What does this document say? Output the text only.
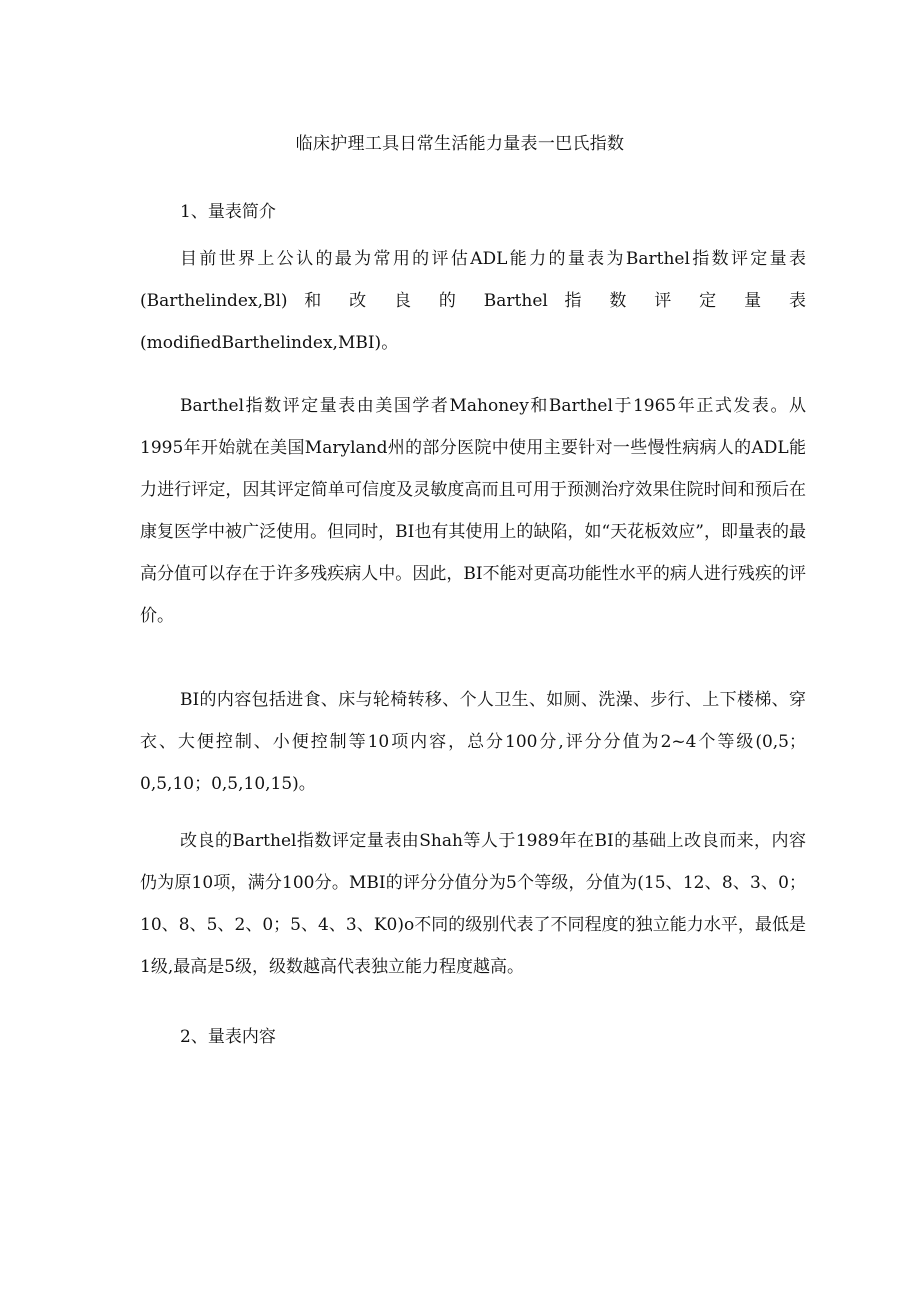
临床护理工具日常生活能力量表一巴氏指数
1、量表简介

目前世界上公认的最为常用的评估ADL能力的量表为Barthel指数评定量表(Barthelindex,Bl) 和 改 良 的 Barthel 指 数 评 定 量 表(modifiedBarthelindex,MBI)。

Barthel指数评定量表由美国学者Mahoney和Barthel于1965年正式发表。从1995年开始就在美国Maryland州的部分医院中使用主要针对一些慢性病病人的ADL能力进行评定，因其评定简单可信度及灵敏度高而且可用于预测治疗效果住院时间和预后在康复医学中被广泛使用。但同时，BI也有其使用上的缺陷，如“天花板效应”，即量表的最高分值可以存在于许多残疾病人中。因此，BI不能对更高功能性水平的病人进行残疾的评价。

BI的内容包括进食、床与轮椅转移、个人卫生、如厕、洗澡、步行、上下楼梯、穿衣、大便控制、小便控制等10项内容，总分100分,评分分值为2~4个等级(0,5；0,5,10；0,5,10,15)。

改良的Barthel指数评定量表由Shah等人于1989年在BI的基础上改良而来，内容仍为原10项，满分100分。MBI的评分分值分为5个等级，分值为(15、12、8、3、0；10、8、5、2、0；5、4、3、K0)o不同的级别代表了不同程度的独立能力水平，最低是1级,最高是5级，级数越高代表独立能力程度越高。

2、量表内容
